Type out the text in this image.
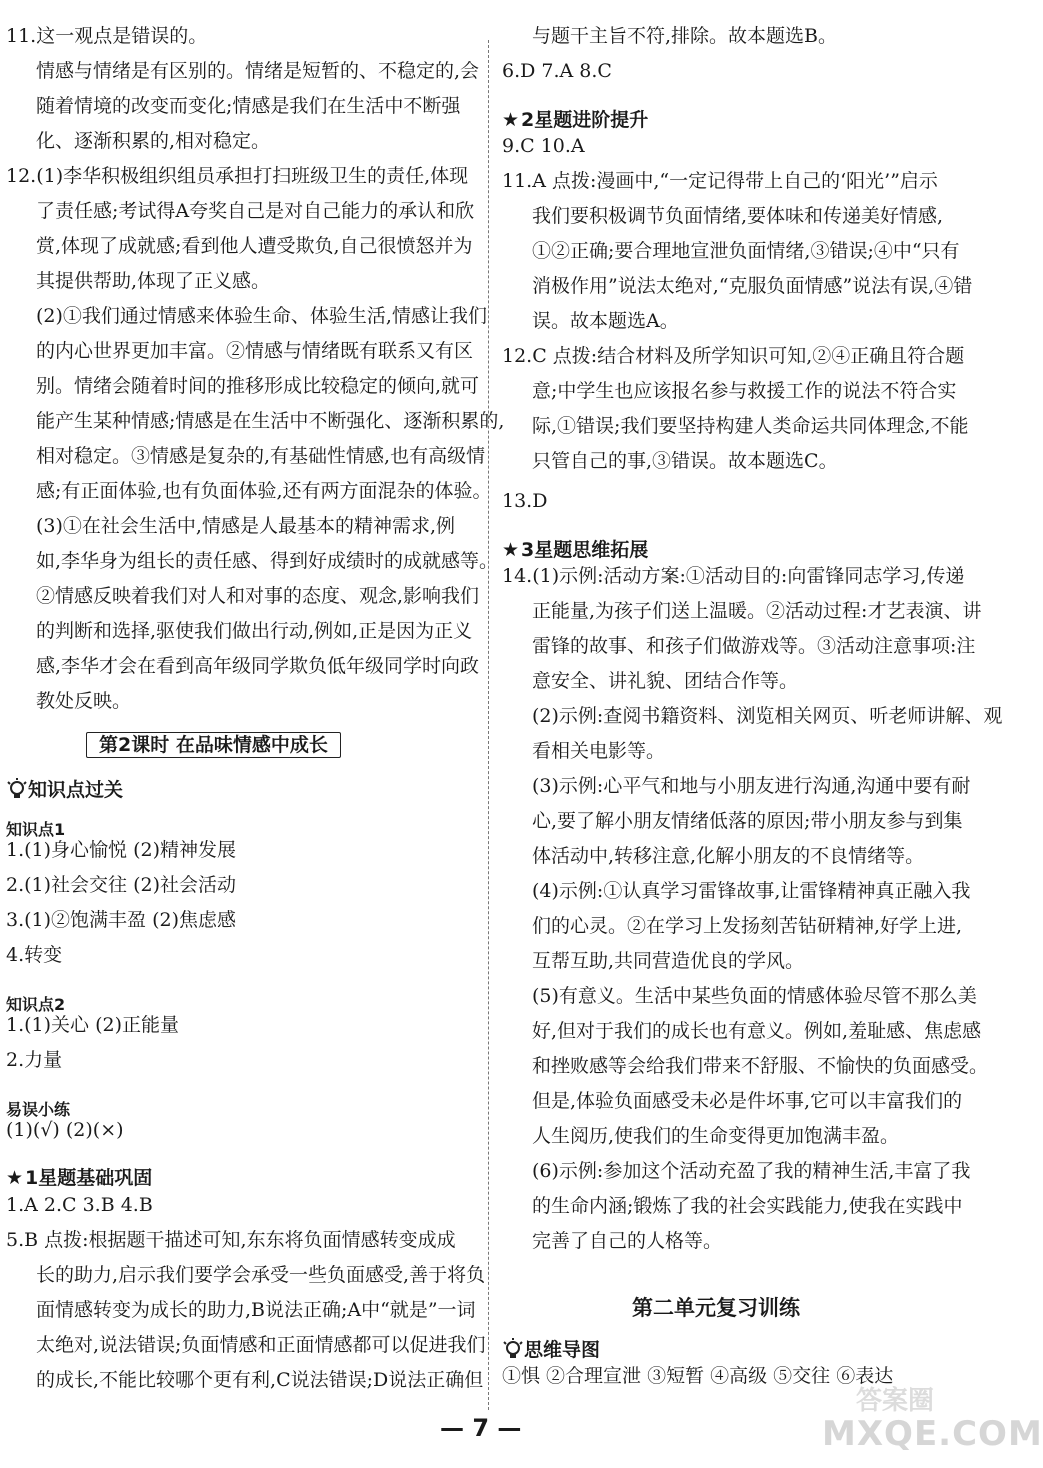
11.这一观点是错误的。
情感与情绪是有区别的。情绪是短暂的、不稳定的,会
随着情境的改变而变化;情感是我们在生活中不断强
化、逐渐积累的,相对稳定。
12.(1)李华积极组织组员承担打扫班级卫生的责任,体现
了责任感;考试得A夸奖自己是对自己能力的承认和欣
赏,体现了成就感;看到他人遭受欺负,自己很愤怒并为
其提供帮助,体现了正义感。
(2)①我们通过情感来体验生命、体验生活,情感让我们
的内心世界更加丰富。②情感与情绪既有联系又有区
别。情绪会随着时间的推移形成比较稳定的倾向,就可
能产生某种情感;情感是在生活中不断强化、逐渐积累的,
相对稳定。③情感是复杂的,有基础性情感,也有高级情
感;有正面体验,也有负面体验,还有两方面混杂的体验。
(3)①在社会生活中,情感是人最基本的精神需求,例
如,李华身为组长的责任感、得到好成绩时的成就感等。
②情感反映着我们对人和对事的态度、观念,影响我们
的判断和选择,驱使我们做出行动,例如,正是因为正义
感,李华才会在看到高年级同学欺负低年级同学时向政
教处反映。
1.(1)身心愉悦 (2)精神发展
2.(1)社会交往 (2)社会活动
3.(1)②饱满丰盈 (2)焦虑感
4.转变
1.(1)关心 (2)正能量
2.力量
(1)(√) (2)(×)
1.A 2.C 3.B 4.B
5.B 点拨:根据题干描述可知,东东将负面情感转变成成
长的助力,启示我们要学会承受一些负面感受,善于将负
面情感转变为成长的助力,B说法正确;A中“就是”一词
太绝对,说法错误;负面情感和正面情感都可以促进我们
的成长,不能比较哪个更有利,C说法错误;D说法正确但
第2课时 在品味情感中成长
知识点过关
知识点1
知识点2
易误小练
★ 1星题基础巩固
与题干主旨不符,排除。故本题选B。
6.D 7.A 8.C
9.C 10.A
11.A 点拨:漫画中,“一定记得带上自己的‘阳光’”启示
我们要积极调节负面情绪,要体味和传递美好情感,
①②正确;要合理地宣泄负面情绪,③错误;④中“只有
消极作用”说法太绝对,“克服负面情感”说法有误,④错
误。故本题选A。
12.C 点拨:结合材料及所学知识可知,②④正确且符合题
意;中学生也应该报名参与救援工作的说法不符合实
际,①错误;我们要坚持构建人类命运共同体理念,不能
只管自己的事,③错误。故本题选C。
13.D
14.(1)示例:活动方案:①活动目的:向雷锋同志学习,传递
正能量,为孩子们送上温暖。②活动过程:才艺表演、讲
雷锋的故事、和孩子们做游戏等。③活动注意事项:注
意安全、讲礼貌、团结合作等。
(2)示例:查阅书籍资料、浏览相关网页、听老师讲解、观
看相关电影等。
(3)示例:心平气和地与小朋友进行沟通,沟通中要有耐
心,要了解小朋友情绪低落的原因;带小朋友参与到集
体活动中,转移注意,化解小朋友的不良情绪等。
(4)示例:①认真学习雷锋故事,让雷锋精神真正融入我
们的心灵。②在学习上发扬刻苦钻研精神,好学上进,
互帮互助,共同营造优良的学风。
(5)有意义。生活中某些负面的情感体验尽管不那么美
好,但对于我们的成长也有意义。例如,羞耻感、焦虑感
和挫败感等会给我们带来不舒服、不愉快的负面感受。
但是,体验负面感受未必是件坏事,它可以丰富我们的
人生阅历,使我们的生命变得更加饱满丰盈。
(6)示例:参加这个活动充盈了我的精神生活,丰富了我
的生命内涵;锻炼了我的社会实践能力,使我在实践中
完善了自己的人格等。
①惧 ②合理宣泄 ③短暂 ④高级 ⑤交往 ⑥表达
★ 2星题进阶提升
★ 3星题思维拓展
第二单元复习训练
思维导图
— 7 —
答案圈
MXQE.COM
